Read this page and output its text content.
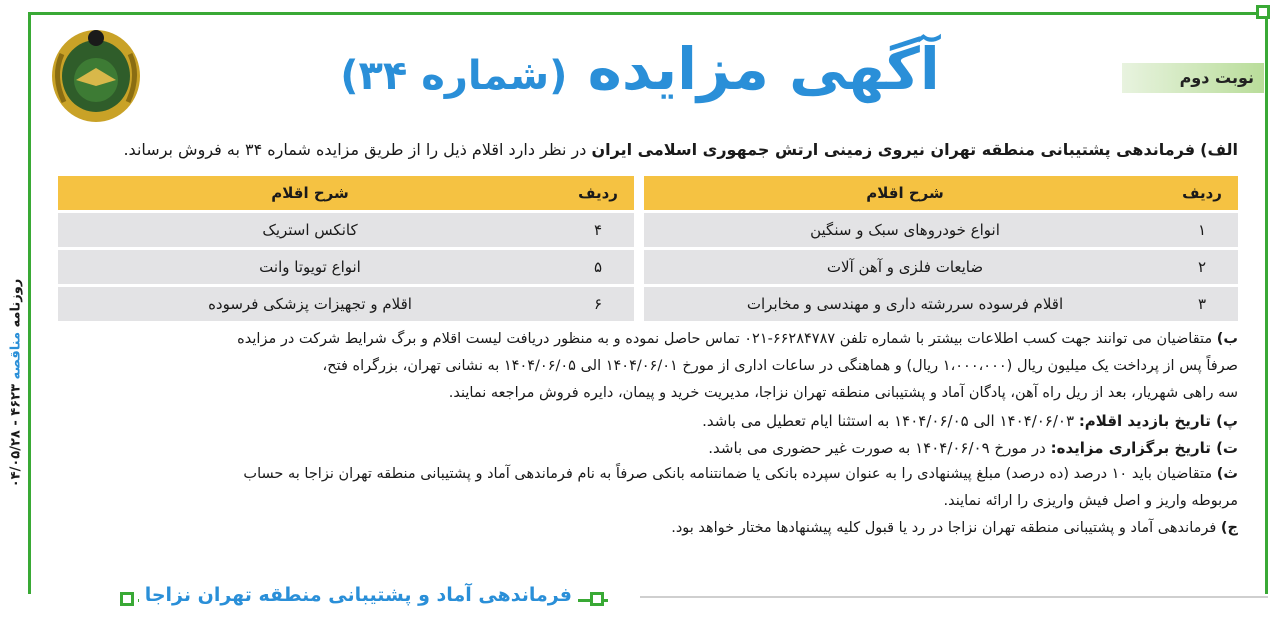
آگهی مزایده (شماره ۳۴)	نوبت دوم
الف) فرماندهی پشتیبانی منطقه تهران نیروی زمینی ارتش جمهوری اسلامی ایران در نظر دارد اقلام ذیل را از طریق مزایده شماره ۳۴ به فروش برساند.
ردیف	شرح اقلام		ردیف	شرح اقلام
۱	انواع خودروهای سبک و سنگین		۴	کانکس استریک
۲	ضایعات فلزی و آهن آلات		۵	انواع تویوتا وانت
۳	اقلام فرسوده سررشته داری و مهندسی و مخابرات		۶	اقلام و تجهیزات پزشکی فرسوده
ب) متقاضیان می توانند جهت کسب اطلاعات بیشتر با شماره تلفن ۶۶۲۸۴۷۸۷-۰۲۱ تماس حاصل نموده و به منظور دریافت لیست اقلام و برگ شرایط شرکت در مزایده
صرفاً پس از پرداخت یک میلیون ریال (۱،۰۰۰،۰۰۰ ریال) و هماهنگی در ساعات اداری از مورخ ۱۴۰۴/۰۶/۰۱ الی ۱۴۰۴/۰۶/۰۵ به نشانی تهران، بزرگراه فتح،
سه راهی شهریار، بعد از ریل راه آهن، پادگان آماد و پشتیبانی منطقه تهران نزاجا، مدیریت خرید و پیمان، دایره فروش مراجعه نمایند.
پ) تاریخ بازدید اقلام: ۱۴۰۴/۰۶/۰۳ الی ۱۴۰۴/۰۶/۰۵ به استثنا ایام تعطیل می باشد.
ت) تاریخ برگزاری مزایده: در مورخ ۱۴۰۴/۰۶/۰۹ به صورت غیر حضوری می باشد.
ث) متقاضیان باید ۱۰ درصد (ده درصد) مبلغ پیشنهادی را به عنوان سپرده بانکی یا ضمانتنامه بانکی صرفاً به نام فرماندهی آماد و پشتیبانی منطقه تهران نزاجا به حساب
مربوطه واریز و اصل فیش واریزی را ارائه نمایند.
ج) فرماندهی آماد و پشتیبانی منطقه تهران نزاجا در رد یا قبول کلیه پیشنهادها مختار خواهد بود.
روزنامه مناقصه ۴۶۲۳ - ۰۴/۰۵/۲۸
فرماندهی آماد و پشتیبانی منطقه تهران نزاجا
